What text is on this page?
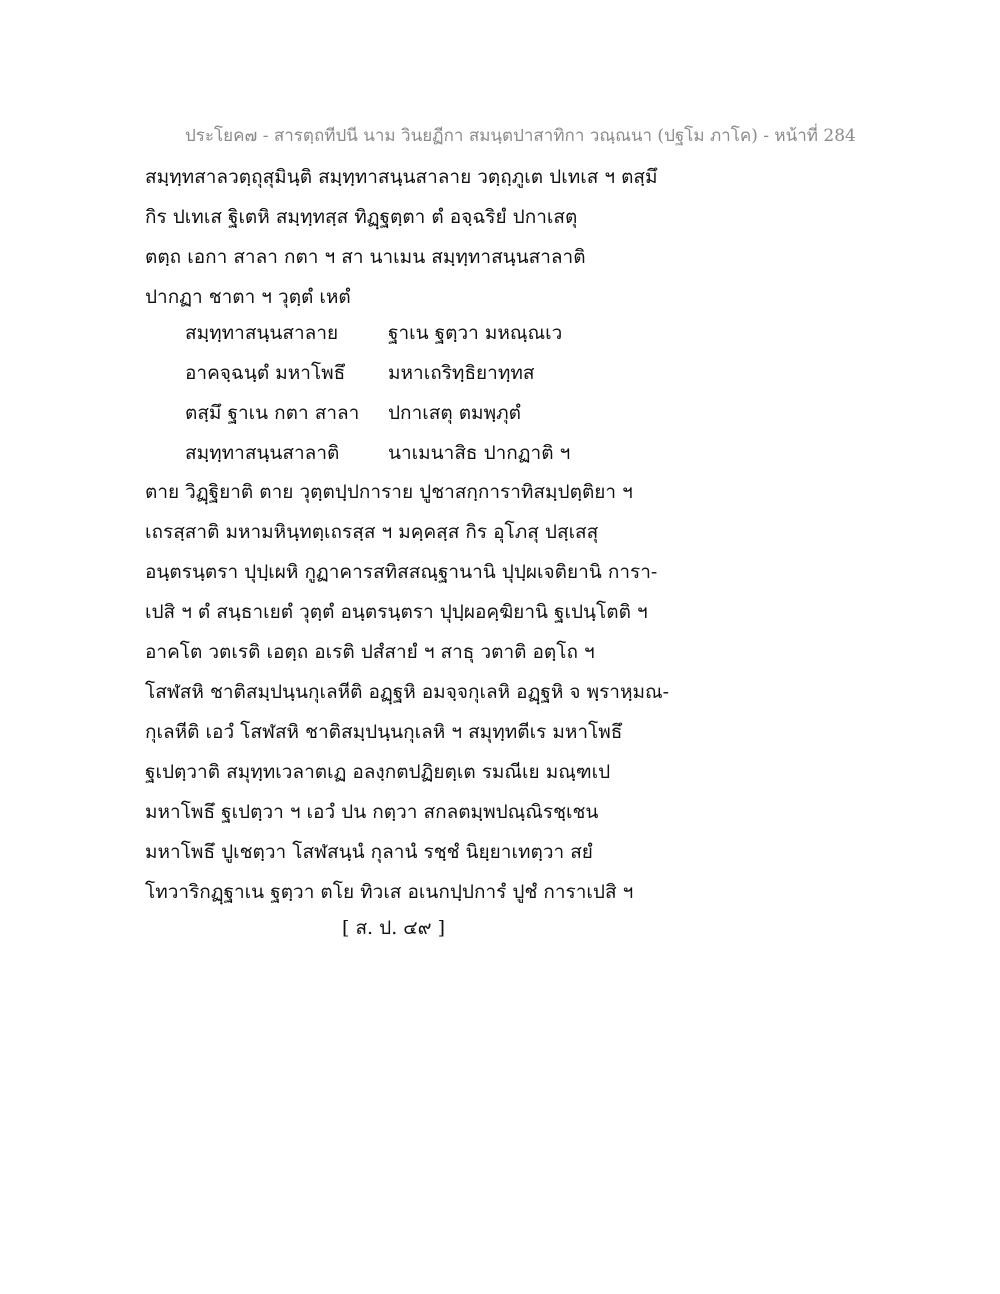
ประโยค๗ - สารตฺถทีปนี นาม วินยฏีกา สมนฺตปาสาทิกา วณฺณนา (ปฐโม ภาโค) - หน้าที่ 284
สมฺทฺทสาลวตฺถุสุมินฺติ สมฺทฺทาสนฺนสาลาย วตฺถฺภูเต ปเทเส ฯ ตสฺมึ
กิร ปเทเส ฐิเตหิ สมฺทฺทสฺส ทิฏฺฐตฺตา ตํ อจฺฉริยํ ปกาเสตุ
ตตฺถ เอกา สาลา กตา ฯ สา นาเมน สมฺทฺทาสนฺนสาลาติ
ปากฏา ชาตา ฯ วุตฺตํ เหตํ
สมฺทฺทาสนฺนสาลาย	ฐาเน ฐตฺวา มหณฺณเว
อาคจฺฉนฺตํ มหาโพธึ	มหาเถริทฺธิยาทฺทส
ตสฺมึ ฐาเน กตา สาลา	ปกาเสตุ ตมพฺภุตํ
สมฺทฺทาสนฺนสาลาติ	นาเมนาสิธ ปากฏาติ ฯ
ตาย วิฏฺฐิยาติ ตาย วุตฺตปฺปการาย ปูชาสกฺการาทิสมฺปตฺติยา ฯ
เถรสฺสาติ มหามหินฺทตฺเถรสฺส ฯ มคฺคสฺส กิร อุโภสุ ปสฺเสสุ
อนฺตรนฺตรา ปุปฺเผหิ กูฏาคารสทิสสณฺฐานานิ ปุปฺผเจติยานิ การา-
เปสิ ฯ ตํ สนฺธาเยตํ วุตฺตํ อนฺตรนฺตรา ปุปฺผอคฺฆิยานิ ฐเปนฺโตติ ฯ
อาคโต วตเรติ เอตฺถ อเรติ ปสํสายํ ฯ สาธุ วตาติ อตฺโถ ฯ
โสฬสหิ ชาติสมฺปนฺนกุเลหีติ อฏฺฐหิ อมจฺจกุเลหิ อฏฺฐหิ จ พฺราหฺมณ-
กุเลหีติ เอวํ โสฬสหิ ชาติสมฺปนฺนกุเลหิ ฯ สมุทฺทตีเร มหาโพธึ
ฐเปตฺวาติ สมุทฺทเวลาตเฏ อลงฺกตปฏิยตฺเต รมณีเย มณฺฑเป
มหาโพธึ ฐเปตฺวา ฯ เอวํ ปน กตฺวา สกลตมฺพปณฺณิรชฺเชน
มหาโพธึ ปูเชตฺวา โสฬสนฺนํ กุลานํ รชฺชํ นิยฺยาเทตฺวา สยํ
โทวาริกฏฺฐาเน ฐตฺวา ตโย ทิวเส อเนกปฺปการํ ปูชํ การาเปสิ ฯ
[ ส. ป. ๔๙ ]
